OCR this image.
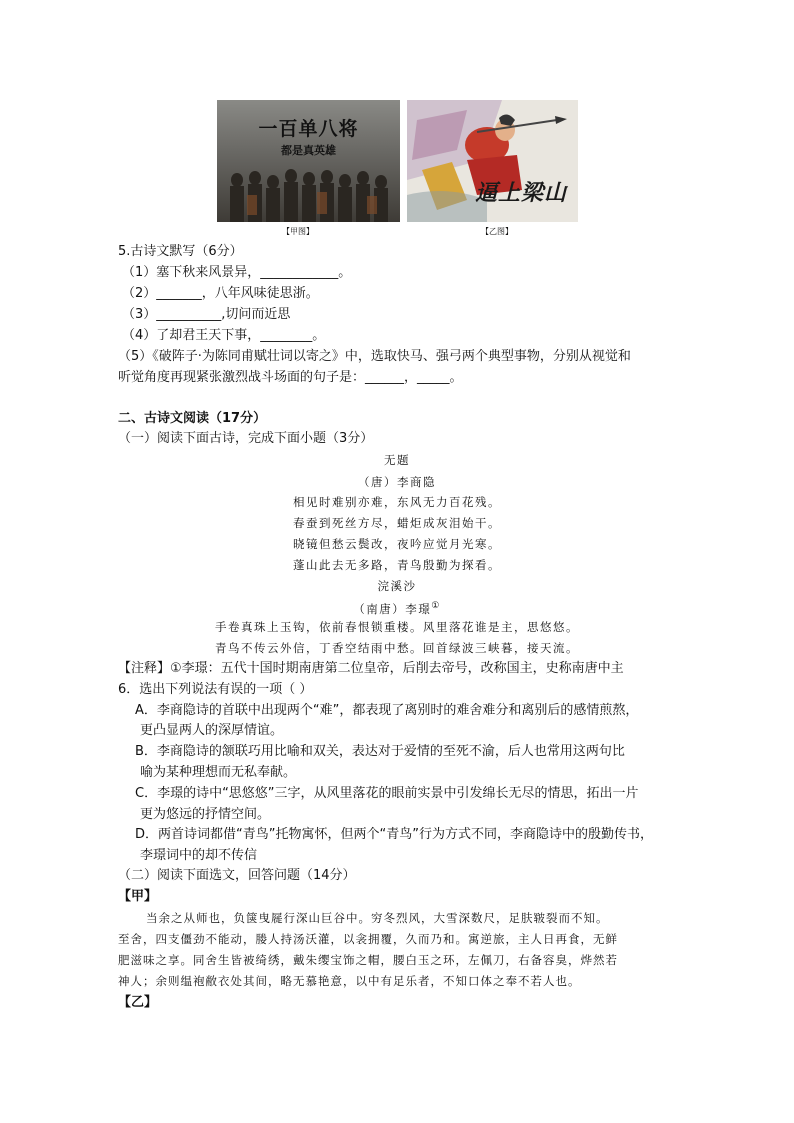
一百单八将
都是真英雄
【甲图】
逼上梁山
【乙图】
5.古诗文默写（6分）
（1）塞下秋来风景异，____________。
（2）_______，八年风味徒思浙。
（3）__________,切问而近思
（4）了却君王天下事，________。
（5）《破阵子·为陈同甫赋壮词以寄之》中，选取快马、强弓两个典型事物，分别从视觉和
听觉角度再现紧张激烈战斗场面的句子是：______，_____。
二、古诗文阅读（17分）
（一）阅读下面古诗，完成下面小题（3分）
无题
（唐）李商隐
相见时难别亦难，东风无力百花残。
春蚕到死丝方尽，蜡炬成灰泪始干。
晓镜但愁云鬓改，夜吟应觉月光寒。
蓬山此去无多路，青鸟殷勤为探看。
浣溪沙
（南唐）李璟①
手卷真珠上玉钩，依前春恨锁重楼。风里落花谁是主，思悠悠。
青鸟不传云外信，丁香空结雨中愁。回首绿波三峡暮，接天流。
【注释】①李璟：五代十国时期南唐第二位皇帝，后削去帝号，改称国主，史称南唐中主
6．选出下列说法有误的一项（ ）
A．李商隐诗的首联中出现两个“难”，都表现了离别时的难舍难分和离别后的感情煎熬，
更凸显两人的深厚情谊。
B．李商隐诗的颔联巧用比喻和双关，表达对于爱情的至死不渝，后人也常用这两句比
喻为某种理想而无私奉献。
C．李璟的诗中“思悠悠”三字，从风里落花的眼前实景中引发绵长无尽的情思，拓出一片
更为悠远的抒情空间。
D．两首诗词都借“青鸟”托物寓怀，但两个“青鸟”行为方式不同，李商隐诗中的殷勤传书，
李璟词中的却不传信
（二）阅读下面选文，回答问题（14分）
【甲】
当余之从师也，负箧曳屣行深山巨谷中。穷冬烈风，大雪深数尺，足肤皲裂而不知。
至舍，四支僵劲不能动，媵人持汤沃灌，以衾拥覆，久而乃和。寓逆旅，主人日再食，无鲜
肥滋味之享。同舍生皆被绮绣，戴朱缨宝饰之帽，腰白玉之环，左佩刀，右备容臭，烨然若
神人；余则缊袍敝衣处其间，略无慕艳意，以中有足乐者，不知口体之奉不若人也。
【乙】
